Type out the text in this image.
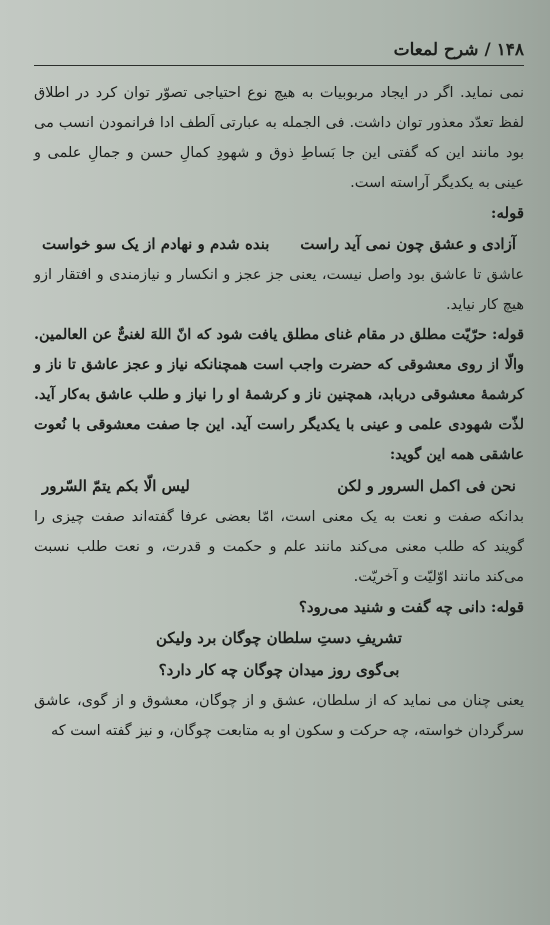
۱۴۸ / شرح لمعات

نمی نماید. اگر در ایجاد مربوبیات به هیچ نوع احتیاجی تصوّر توان کرد در اطلاق لفظ تعدّد معذور توان داشت. فی الجمله به عبارتی اَلطف ادا فرانمودن انسب می بود مانند این که گفتی این جا بَساطِ ذوق و شهودِ کمالِ حسن و جمالِ علمی و عینی به یکدیگر آراسته است.

قوله:

آزادی و عشق چون نمی آید راست
بنده شدم و نهادم از یک سو خواست

عاشق تا عاشق بود واصل نیست، یعنی جز عجز و انکسار و نیازمندی و افتقار ازو هیچ کار نیاید.

قوله: حرّیّت مطلق در مقام غنای مطلق یافت شود که انّ اللهَ لغنیٌّ عن العالمین. والّا از روی معشوقی که حضرت واجب است همچنانکه نیاز و عجز عاشق تا ناز و کرشمهٔ معشوقی دربابد، همچنین ناز و کرشمهٔ او را نیاز و طلب عاشق به‌کار آید. لذّت شهودی علمی و عینی با یکدیگر راست آید. این جا صفت معشوقی با نُعوت عاشقی همه این گوید:

نحن فی اکمل السرور و لکن
لیس الّا بکم یتمّ السّرور

بدانکه صفت و نعت به یک معنی است، امّا بعضی عرفا گفته‌اند صفت چیزی را گویند که طلب معنی می‌کند مانند علم و حکمت و قدرت، و نعت طلب نسبت می‌کند مانند اوّلیّت و آخریّت.

قوله: دانی چه گفت و شنید می‌رود؟

تشریفِ دستِ سلطان چوگان برد ولیکن
بی‌گوی روز میدان چوگان چه کار دارد؟

یعنی چنان می نماید که از سلطان، عشق و از چوگان، معشوق و از گوی، عاشق سرگردان خواسته، چه حرکت و سکون او به متابعت چوگان، و نیز گفته است که
